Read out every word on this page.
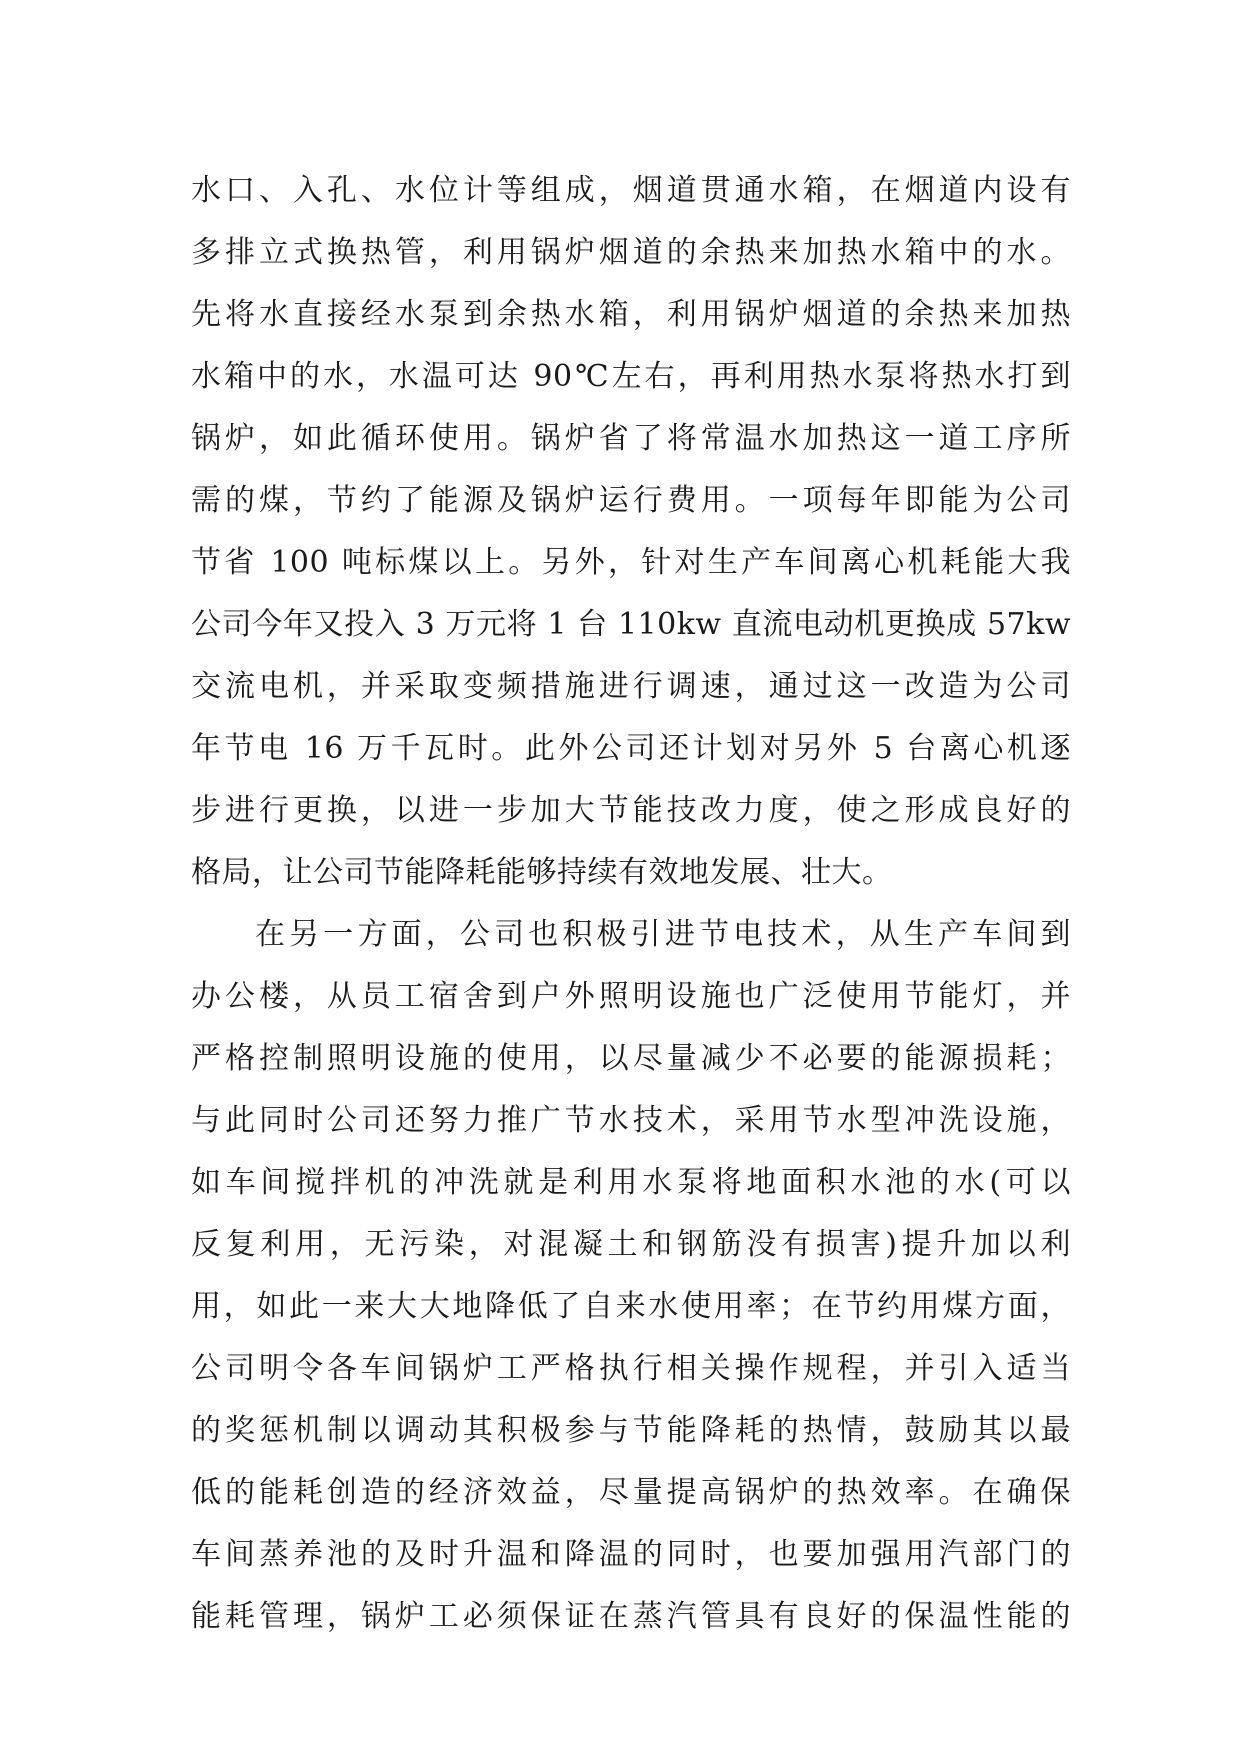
水口、入孔、水位计等组成，烟道贯通水箱，在烟道内设有
多排立式换热管，利用锅炉烟道的余热来加热水箱中的水。
先将水直接经水泵到余热水箱，利用锅炉烟道的余热来加热
水箱中的水，水温可达 90℃左右，再利用热水泵将热水打到
锅炉，如此循环使用。锅炉省了将常温水加热这一道工序所
需的煤，节约了能源及锅炉运行费用。一项每年即能为公司
节省 100 吨标煤以上。另外，针对生产车间离心机耗能大我
公司今年又投入 3 万元将 1 台 110kw 直流电动机更换成 57kw
交流电机，并采取变频措施进行调速，通过这一改造为公司
年节电 16 万千瓦时。此外公司还计划对另外 5 台离心机逐
步进行更换，以进一步加大节能技改力度，使之形成良好的
格局，让公司节能降耗能够持续有效地发展、壮大。
在另一方面，公司也积极引进节电技术，从生产车间到
办公楼，从员工宿舍到户外照明设施也广泛使用节能灯，并
严格控制照明设施的使用，以尽量减少不必要的能源损耗；
与此同时公司还努力推广节水技术，采用节水型冲洗设施，
如车间搅拌机的冲洗就是利用水泵将地面积水池的水(可以
反复利用，无污染，对混凝土和钢筋没有损害)提升加以利
用，如此一来大大地降低了自来水使用率；在节约用煤方面，
公司明令各车间锅炉工严格执行相关操作规程，并引入适当
的奖惩机制以调动其积极参与节能降耗的热情，鼓励其以最
低的能耗创造的经济效益，尽量提高锅炉的热效率。在确保
车间蒸养池的及时升温和降温的同时，也要加强用汽部门的
能耗管理，锅炉工必须保证在蒸汽管具有良好的保温性能的
